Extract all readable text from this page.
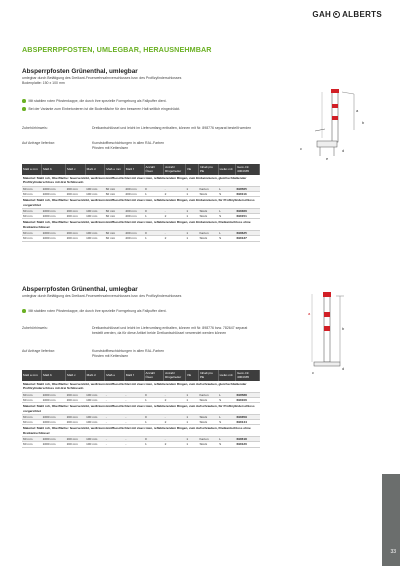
GAH ALBERTS
ABSPERRPFOSTEN, UMLEGBAR, HERAUSNEHMBAR
Absperrpfosten Grünenthal, umlegbar
umlegbar durch Betätigung des Dreikant-Feuerwehrsahnverschlusses bzw. des Profilzylinderschlosses
Bodenplatte: 150 x 100 mm
Mit stabilen roten Pfostenkappe, die durch ihre spezielle Formgebung als Fallpuffer dient.
Bei der Variante zum Einbetonieren ist die Bodenfläche für den besseren Halt seitlich eingedrückt.
Zubehörhinweis:	Dreikantschlüssel und leicht im Lieferumfang enthalten, können mit Nr. 898776 separat bestellt werden
Auf Anfrage lieferbar:	Kunststoffbeschichtungen in allen RAL-Farben
Pfosten mit Kettenösen
Maß a mm	Maß b	Maß c	Maß d	Maß e mm	Maß f	Anzahl Ösen	Anzahl Ringelreder	VE	Inhalt pro PE	Liefer-mit	Gest.-Nr. 4004335
Material: Stahl roh, Oberfläche: feuerverzinkt, weiß kunststoffbeschichtet mit zwei roten, reflektierenden Ringen, zum Einbetonieren, gleichschließender Profilzylinderschloss mit drei Schlüsseln											
60 mm	1000 mm	160 mm	100 mm	60 mm	400 mm	0	-	1	Karton	L	690565
60 mm	1000 mm	160 mm	100 mm	60 mm	400 mm	1	2	1	Stück	S	690113
Material: Stahl roh, Oberfläche: feuerverzinkt, weiß kunststoffbeschichtet mit zwei roten, reflektierenden Ringen, zum Einbetonieren, für Profilzylinderschloss vorgerichtet											
60 mm	1000 mm	160 mm	100 mm	60 mm	400 mm	0	-	1	Stück	L	690366
60 mm	1000 mm	160 mm	100 mm	60 mm	400 mm	1	2	1	Stück	S	690151
Material: Stahl roh, Oberfläche: feuerverzinkt, weiß kunststoffbeschichtet mit zwei roten, reflektierenden Ringen, zum Einbetonieren, Dreikantschloss ohne Dreikantschlüssel											
60 mm	1000 mm	160 mm	100 mm	60 mm	400 mm	0	-	1	Karton	L	690625
60 mm	1000 mm	160 mm	100 mm	60 mm	400 mm	1	2	1	Stück	S	690137
a
b
c	d
e
Absperrpfosten Grünenthal, umlegbar
umlegbar durch Betätigung des Dreikant-Feuerwehrsahnverschlusses bzw. des Profilzylinderschlosses
Mit stabilen roten Pfostenkappe, die durch ihre spezielle Formgebung als Fallpuffer dient.
Zubehörhinweis:	Dreikantschlüssel und leicht im Lieferumfang enthalten, können mit Nr. 898776 bzw. 782647 separat
bestellt werden, da für diese Artikel beide Dreikantschlüssel verwendet werden können
Auf Anfrage lieferbar:	Kunststoffbeschichtungen in allen RAL-Farben
Pfosten mit Kettenösen
Maß a mm	Maß b	Maß c	Maß d	Maß e	Maß f	Anzahl Ösen	Anzahl Ringelreder	VE	Inhalt pro PE	Liefer-mit	Gest.-Nr. 4004335
Material: Stahl roh, Oberfläche: feuerverzinkt, weiß kunststoffbeschichtet mit zwei roten, reflektierenden Ringen, zum Aufschrauben, gleichschließender Profilzylinderschloss mit drei Schlüsseln											
60 mm	1000 mm	160 mm	100 mm	-	-	0	-	1	Karton	L	690588
60 mm	1000 mm	160 mm	100 mm	-	-	1	2	1	Stück	S	690106
Material: Stahl roh, Oberfläche: feuerverzinkt, weiß kunststoffbeschichtet mit zwei roten, reflektierenden Ringen, zum Aufschrauben, für Profilzylinderschloss vorgerichtet											
60 mm	1000 mm	160 mm	100 mm	-	-	0	-	1	Stück	L	690359
60 mm	1000 mm	160 mm	100 mm	-	-	1	2	1	Stück	S	690144
Material: Stahl roh, Oberfläche: feuerverzinkt, weiß kunststoffbeschichtet mit zwei roten, reflektierenden Ringen, zum Aufschrauben, Dreikantschloss ohne Dreikantschlüssel											
60 mm	1000 mm	160 mm	100 mm	-	-	0	-	1	Karton	L	690618
60 mm	1000 mm	160 mm	100 mm	-	-	1	2	1	Stück	S	690120
a
b
c
d
33
